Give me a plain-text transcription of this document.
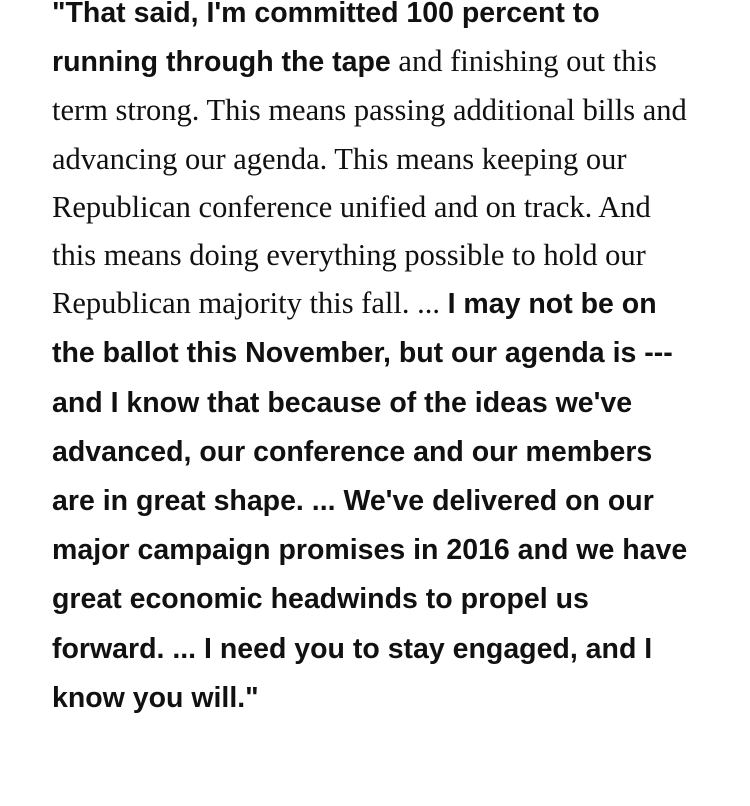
"That said, I'm committed 100 percent to running through the tape and finishing out this term strong. This means passing additional bills and advancing our agenda. This means keeping our Republican conference unified and on track. And this means doing everything possible to hold our Republican majority this fall. ... I may not be on the ballot this November, but our agenda is --- and I know that because of the ideas we've advanced, our conference and our members are in great shape. ... We've delivered on our major campaign promises in 2016 and we have great economic headwinds to propel us forward. ... I need you to stay engaged, and I know you will."
